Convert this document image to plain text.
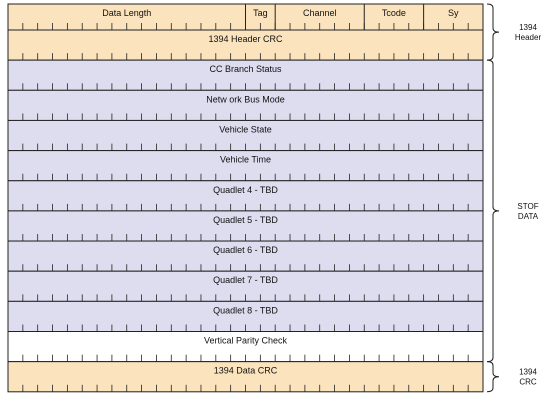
Data Length	Tag	Channel	Tcode	Sy
1394 Header CRC
CC Branch Status
Netw ork Bus Mode
Vehicle State
Vehicle Time
Quadlet 4 - TBD
Quadlet 5 - TBD
Quadlet 6 - TBD
Quadlet 7 - TBD
Quadlet 8 - TBD
Vertical Parity Check
1394 Data CRC
1394
Header
STOF
DATA
1394
CRC
